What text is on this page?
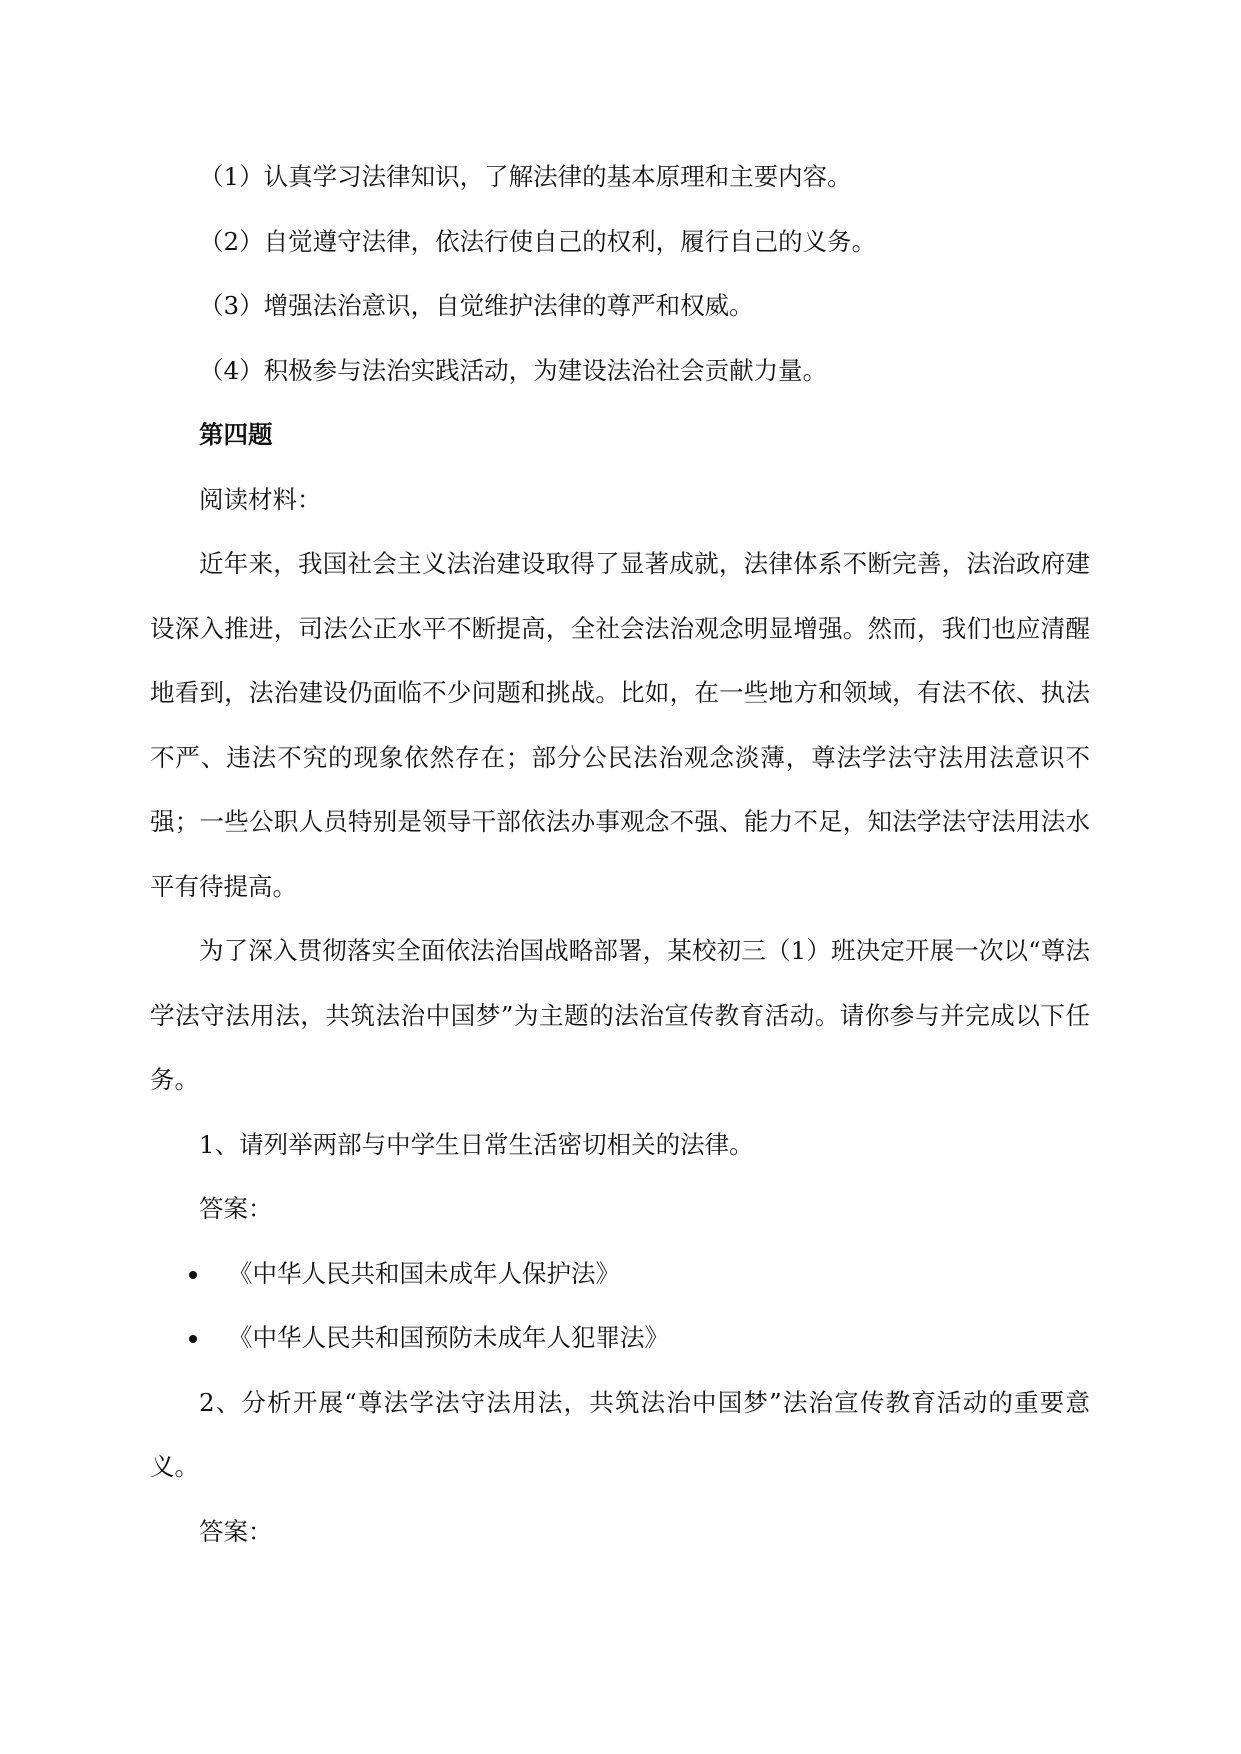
（1）认真学习法律知识，了解法律的基本原理和主要内容。

（2）自觉遵守法律，依法行使自己的权利，履行自己的义务。

（3）增强法治意识，自觉维护法律的尊严和权威。

（4）积极参与法治实践活动，为建设法治社会贡献力量。

第四题

阅读材料：

近年来，我国社会主义法治建设取得了显著成就，法律体系不断完善，法治政府建设深入推进，司法公正水平不断提高，全社会法治观念明显增强。然而，我们也应清醒地看到，法治建设仍面临不少问题和挑战。比如，在一些地方和领域，有法不依、执法不严、违法不究的现象依然存在；部分公民法治观念淡薄，尊法学法守法用法意识不强；一些公职人员特别是领导干部依法办事观念不强、能力不足，知法学法守法用法水平有待提高。

为了深入贯彻落实全面依法治国战略部署，某校初三（1）班决定开展一次以“尊法学法守法用法，共筑法治中国梦”为主题的法治宣传教育活动。请你参与并完成以下任务。

1、请列举两部与中学生日常生活密切相关的法律。

答案：

《中华人民共和国未成年人保护法》
《中华人民共和国预防未成年人犯罪法》

2、分析开展“尊法学法守法用法，共筑法治中国梦”法治宣传教育活动的重要意义。

答案：
